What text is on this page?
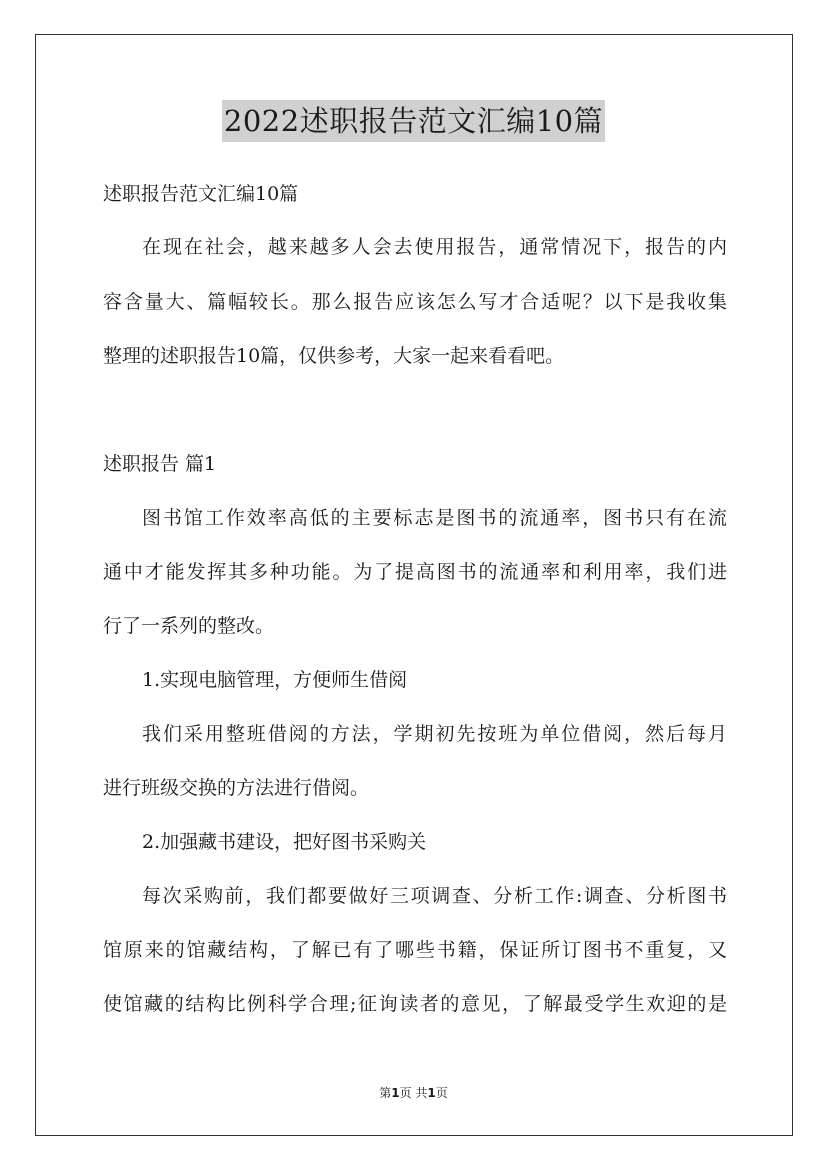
2022述职报告范文汇编10篇
述职报告范文汇编10篇
在现在社会，越来越多人会去使用报告，通常情况下，报告的内
容含量大、篇幅较长。那么报告应该怎么写才合适呢？以下是我收集
整理的述职报告10篇，仅供参考，大家一起来看看吧。
述职报告 篇1
图书馆工作效率高低的主要标志是图书的流通率，图书只有在流
通中才能发挥其多种功能。为了提高图书的流通率和利用率，我们进
行了一系列的整改。
1.实现电脑管理，方便师生借阅
我们采用整班借阅的方法，学期初先按班为单位借阅，然后每月
进行班级交换的方法进行借阅。
2.加强藏书建设，把好图书采购关
每次采购前，我们都要做好三项调查、分析工作:调查、分析图书
馆原来的馆藏结构，了解已有了哪些书籍，保证所订图书不重复，又
使馆藏的结构比例科学合理;征询读者的意见，了解最受学生欢迎的是
第1页 共1页
